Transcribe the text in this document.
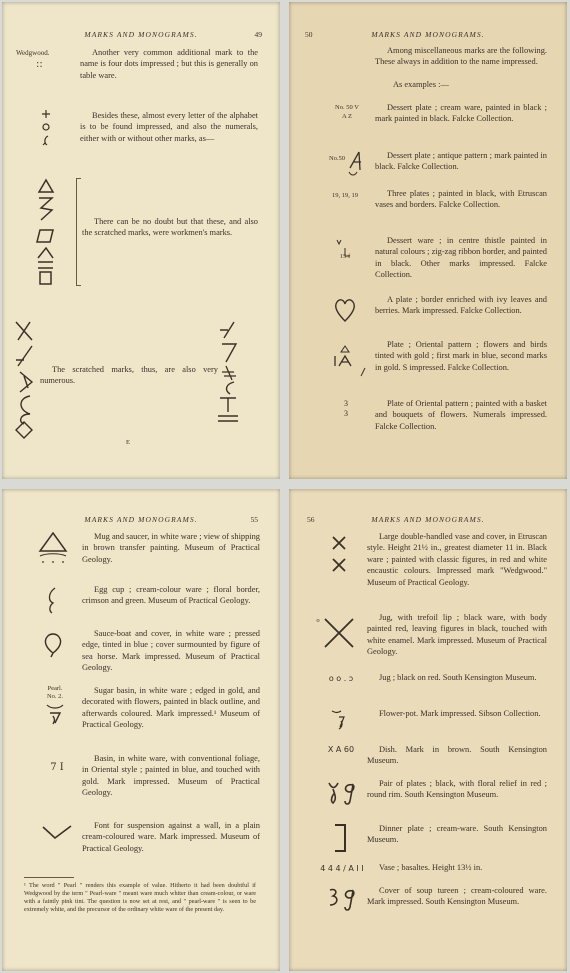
MARKS AND MONOGRAMS.	49
Wedgwood.
::
Another very common additional mark to the name is four dots impressed ; but this is generally on table ware.
Besides these, almost every letter of the alphabet is to be found impressed, and also the numerals, either with or without other marks, as—
There can be no doubt but that these, and also the scratched marks, were workmen's marks.
The scratched marks, thus, are also very numerous.
E
50	MARKS AND MONOGRAMS.
Among miscellaneous marks are the following. These always in addition to the name impressed.
As examples :—
No. 50 V
A Z
Dessert plate ; cream ware, painted in black ; mark painted in black. Falcke Collection.
No.50	Dessert plate ; antique pattern ; mark painted in black. Falcke Collection.
19, 19, 19	Three plates ; painted in black, with Etruscan vases and borders. Falcke Collection.
15 f
Dessert ware ; in centre thistle painted in natural colours ; zig-zag ribbon border, and painted in black. Other marks impressed. Falcke Collection.
A plate ; border enriched with ivy leaves and berries. Mark impressed. Falcke Collection.
Plate ; Oriental pattern ; flowers and birds tinted with gold ; first mark in blue, second marks in gold. S impressed. Falcke Collection.
3
3
Plate of Oriental pattern ; painted with a basket and bouquets of flowers. Numerals impressed. Falcke Collection.
MARKS AND MONOGRAMS.	55
Mug and saucer, in white ware ; view of shipping in brown transfer painting. Museum of Practical Geology.
Egg cup ; cream-colour ware ; floral border, crimson and green. Museum of Practical Geology.
Sauce-boat and cover, in white ware ; pressed edge, tinted in blue ; cover surmounted by figure of sea horse. Mark impressed. Museum of Practical Geology.
Pearl.
No. 2.
Sugar basin, in white ware ; edged in gold, and decorated with flowers, painted in black outline, and afterwards coloured. Mark impressed.¹ Museum of Practical Geology.
7 I
Basin, in white ware, with conventional foliage, in Oriental style ; painted in blue, and touched with gold. Mark impressed. Museum of Practical Geology.
Font for suspension against a wall, in a plain cream-coloured ware. Mark impressed. Museum of Practical Geology.
¹ The word " Pearl " renders this example of value. Hitherto it had been doubtful if Wedgwood by the term " Pearl-ware " meant ware much whiter than cream-colour, or ware with a faintly pink tint. The question is now set at rest, and " pearl-ware " is seen to be extremely white, and the precursor of the ordinary white ware of the present day.
56	MARKS AND MONOGRAMS.
Large double-handled vase and cover, in Etruscan style. Height 21½ in., greatest diameter 11 in. Black ware ; painted with classic figures, in red and white encaustic colours. Impressed mark "Wedgwood." Museum of Practical Geology.
o	Jug, with trefoil lip ; black ware, with body painted red, leaving figures in black, touched with white enamel. Mark impressed. Museum of Practical Geology.
o o . ɔ	Jug ; black on red. South Kensington Museum.
Flower-pot. Mark impressed. Sibson Collection.
X A 60	Dish. Mark in brown. South Kensington Museum.
Pair of plates ; black, with floral relief in red ; round rim. South Kensington Museum.
Dinner plate ; cream-ware. South Kensington Museum.
4 4 4 / A I I	Vase ; basaltes. Height 13½ in.
Cover of soup tureen ; cream-coloured ware. Mark impressed. South Kensington Museum.
